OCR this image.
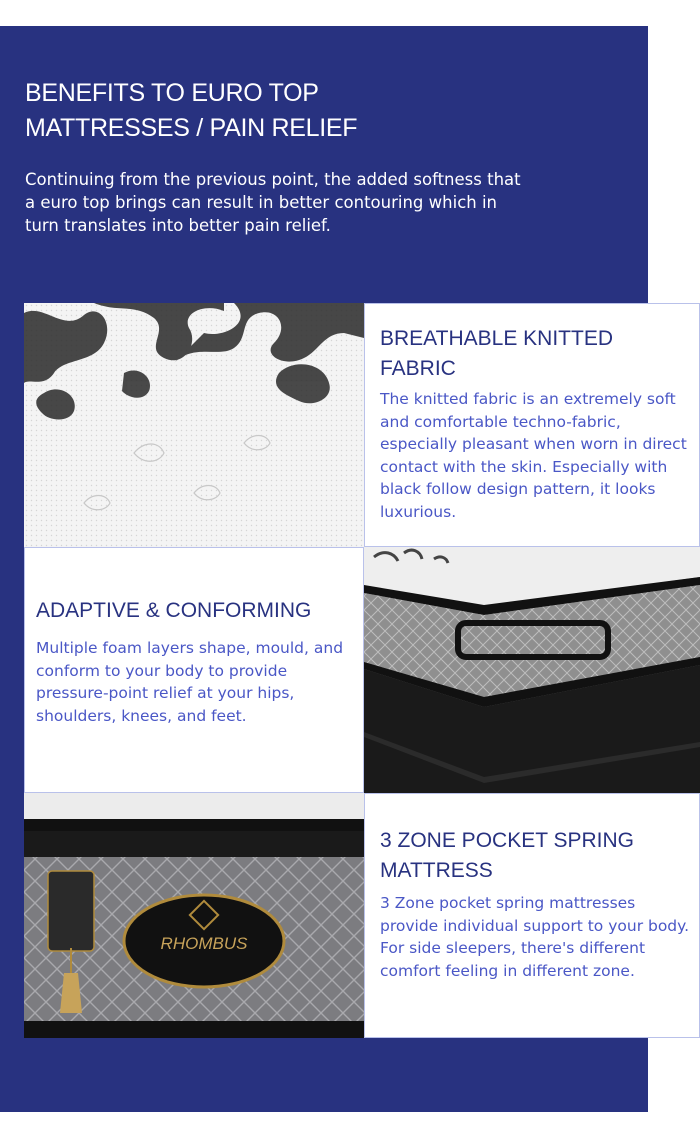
BENEFITS TO EURO TOP
MATTRESSES / PAIN RELIEF

Continuing from the previous point, the added softness that a euro top brings can result in better contouring which in turn translates into better pain relief.

BREATHABLE KNITTED FABRIC

The knitted fabric is an extremely soft and comfortable techno-fabric, especially pleasant when worn in direct contact with the skin. Especially with black follow design pattern, it looks luxurious.

ADAPTIVE & CONFORMING

Multiple foam layers shape, mould, and conform to your body to provide pressure-point relief at your hips, shoulders, knees, and feet.

RHOMBUS
3 ZONE POCKET SPRING MATTRESS

3 Zone pocket spring mattresses provide individual support to your body. For side sleepers, there's different comfort feeling in different zone.
